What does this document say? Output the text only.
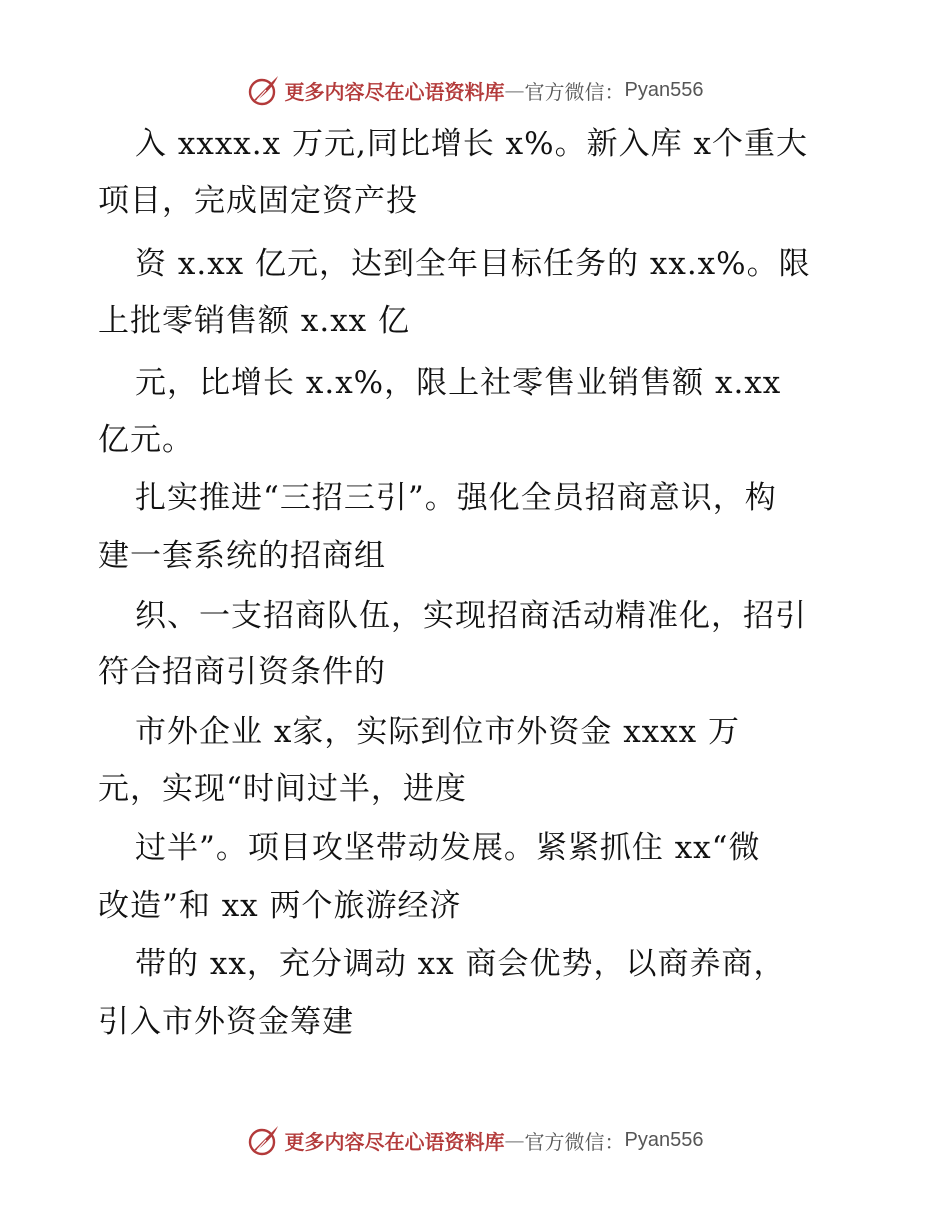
更多内容尽在心语资料库 — 官方微信： Pyan556
入 xxxx.x 万元,同比增长 x%。新入库 x个重大
项目，完成固定资产投
资 x.xx 亿元，达到全年目标任务的 xx.x%。限
上批零销售额 x.xx 亿
元，比增长 x.x%，限上社零售业销售额 x.xx
亿元。
扎实推进“三招三引”。强化全员招商意识，构
建一套系统的招商组
织、一支招商队伍，实现招商活动精准化，招引
符合招商引资条件的
市外企业 x家，实际到位市外资金 xxxx 万
元，实现“时间过半，进度
过半”。项目攻坚带动发展。紧紧抓住 xx“微
改造”和 xx 两个旅游经济
带的 xx，充分调动 xx 商会优势，以商养商，
引入市外资金筹建
更多内容尽在心语资料库 — 官方微信： Pyan556
